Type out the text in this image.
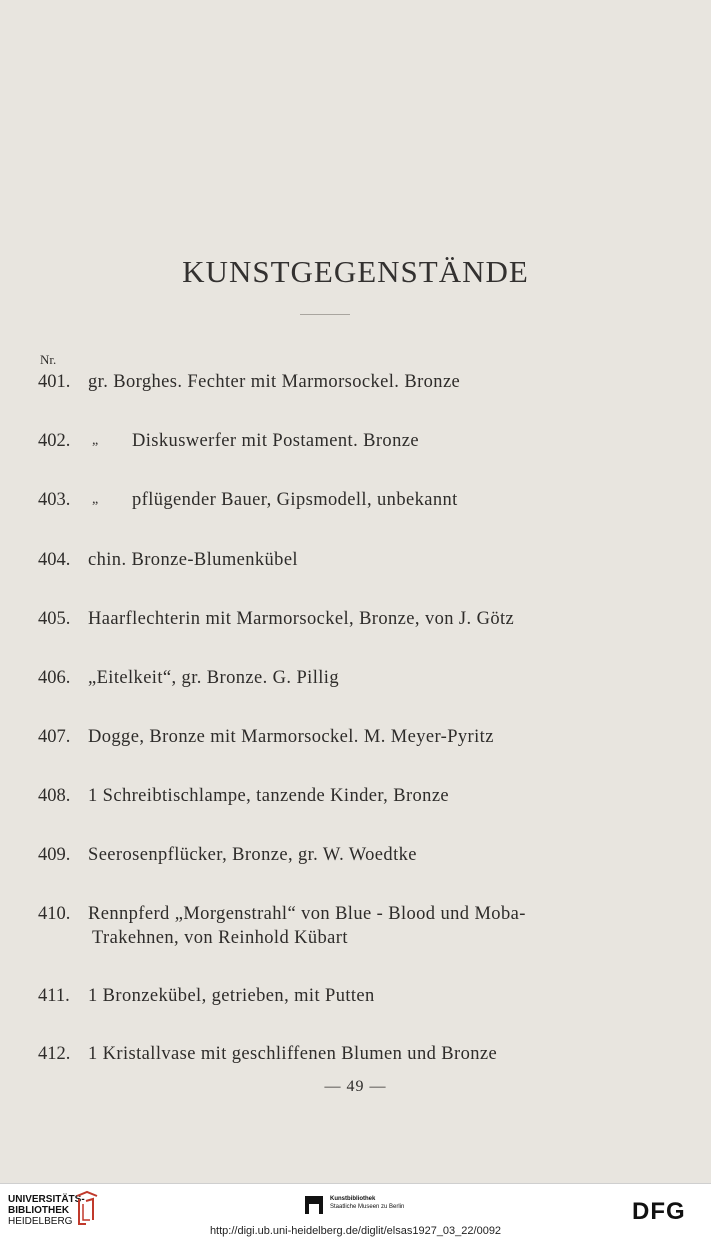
KUNSTGEGENSTÄNDE
Nr.
401. gr. Borghes. Fechter mit Marmorsockel. Bronze
402. „ Diskuswerfer mit Postament. Bronze
403. „ pflügender Bauer, Gipsmodell, unbekannt
404. chin. Bronze-Blumenkübel
405. Haarflechterin mit Marmorsockel, Bronze, von J. Götz
406. „Eitelkeit“, gr. Bronze. G. Pillig
407. Dogge, Bronze mit Marmorsockel. M. Meyer-Pyritz
408. 1 Schreibtischlampe, tanzende Kinder, Bronze
409. Seerosenpflücker, Bronze, gr. W. Woedtke
410. Rennpferd „Morgenstrahl“ von Blue - Blood und Moba-
Trakehnen, von Reinhold Kübart
411. 1 Bronzekübel, getrieben, mit Putten
412. 1 Kristallvase mit geschliffenen Blumen und Bronze
— 49 —
UNIVERSITÄTS-
BIBLIOTHEK
HEIDELBERG
Kunstbibliothek
Staatliche Museen zu Berlin	DFG
http://digi.ub.uni-heidelberg.de/diglit/elsas1927_03_22/0092
